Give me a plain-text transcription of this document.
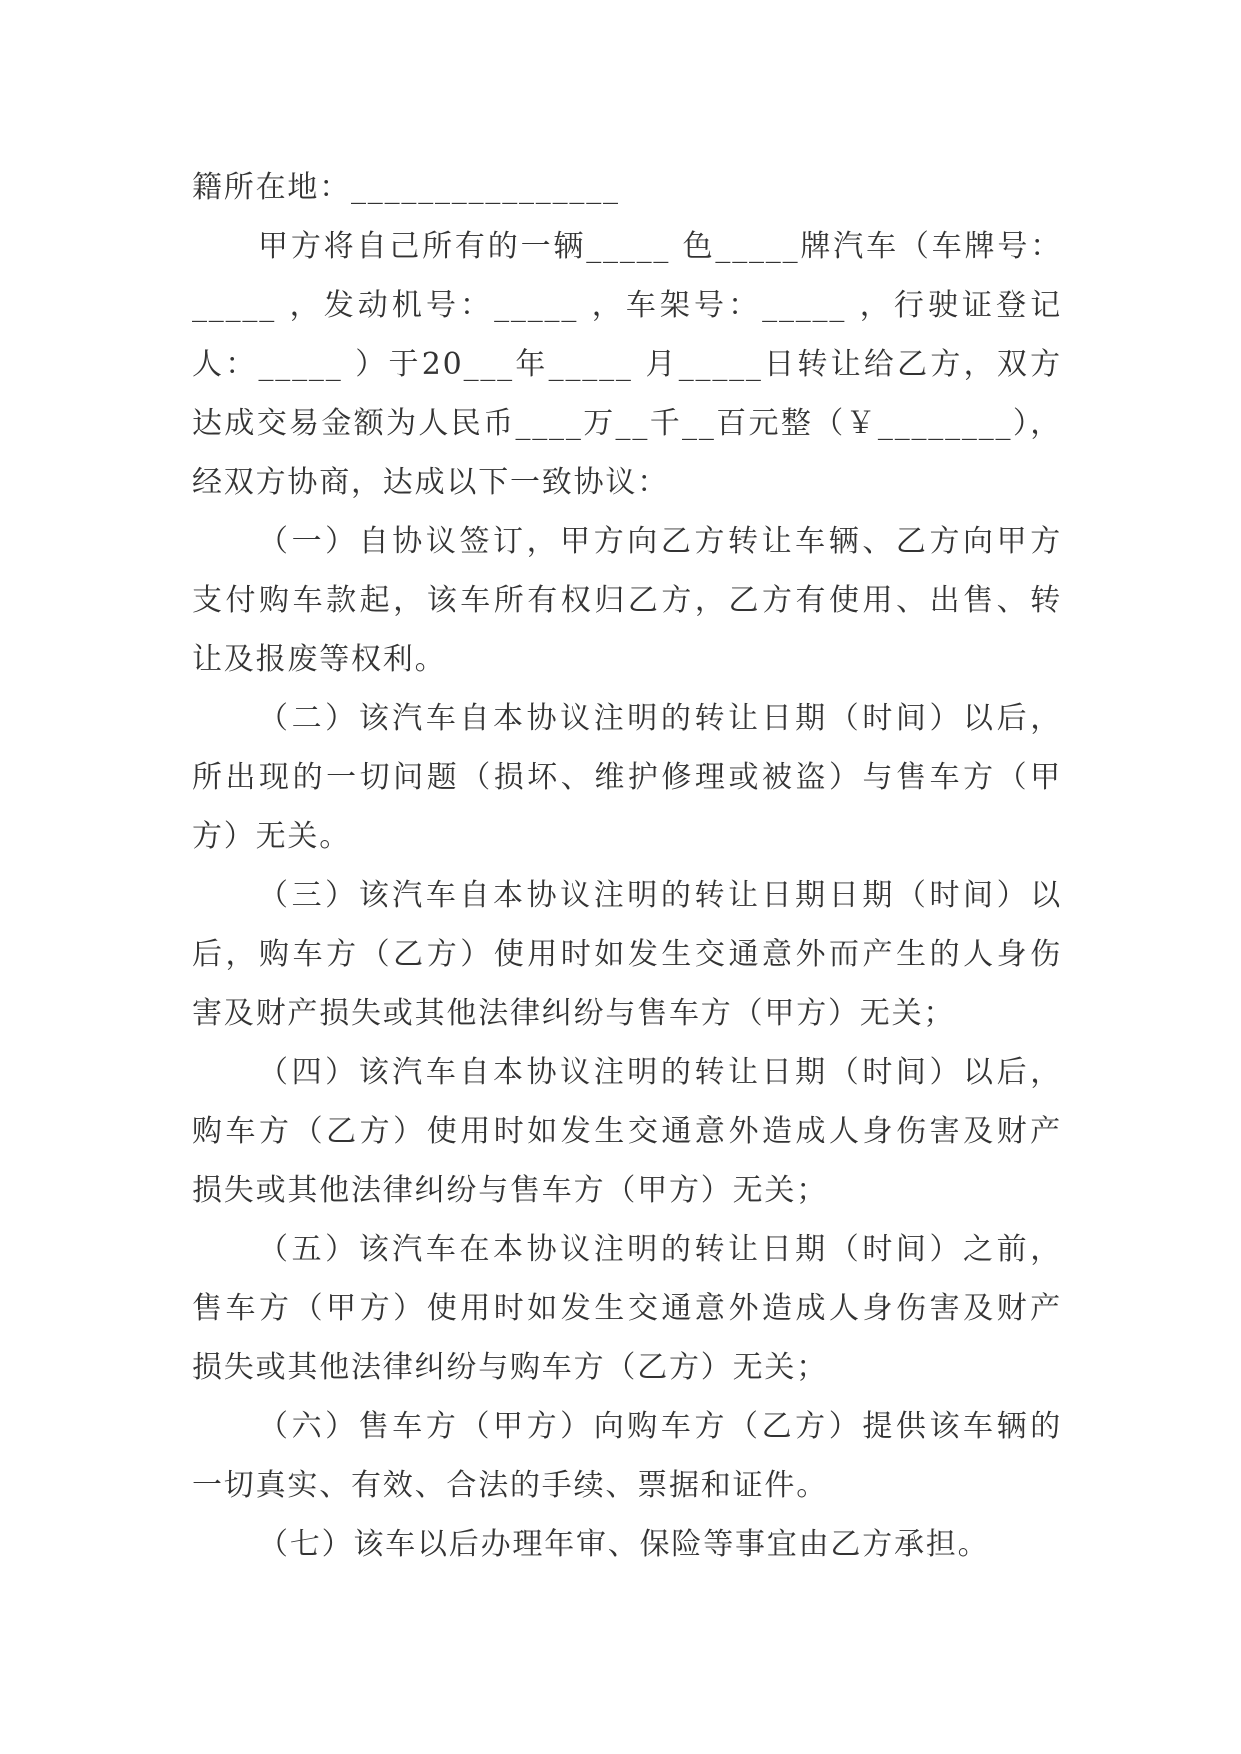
籍所在地：________________
甲方将自己所有的一辆_____ 色_____牌汽车（车牌号：
_____ ，发动机号：_____ ，车架号：_____ ，行驶证登记
人：_____ ）于20___年_____ 月_____日转让给乙方，双方
达成交易金额为人民币____万__千__百元整（￥________），
经双方协商，达成以下一致协议：
（一）自协议签订，甲方向乙方转让车辆、乙方向甲方
支付购车款起，该车所有权归乙方，乙方有使用、出售、转
让及报废等权利。
（二）该汽车自本协议注明的转让日期（时间）以后，
所出现的一切问题（损坏、维护修理或被盗）与售车方（甲
方）无关。
（三）该汽车自本协议注明的转让日期日期（时间）以
后，购车方（乙方）使用时如发生交通意外而产生的人身伤
害及财产损失或其他法律纠纷与售车方（甲方）无关；
（四）该汽车自本协议注明的转让日期（时间）以后，
购车方（乙方）使用时如发生交通意外造成人身伤害及财产
损失或其他法律纠纷与售车方（甲方）无关；
（五）该汽车在本协议注明的转让日期（时间）之前，
售车方（甲方）使用时如发生交通意外造成人身伤害及财产
损失或其他法律纠纷与购车方（乙方）无关；
（六）售车方（甲方）向购车方（乙方）提供该车辆的
一切真实、有效、合法的手续、票据和证件。
（七）该车以后办理年审、保险等事宜由乙方承担。
